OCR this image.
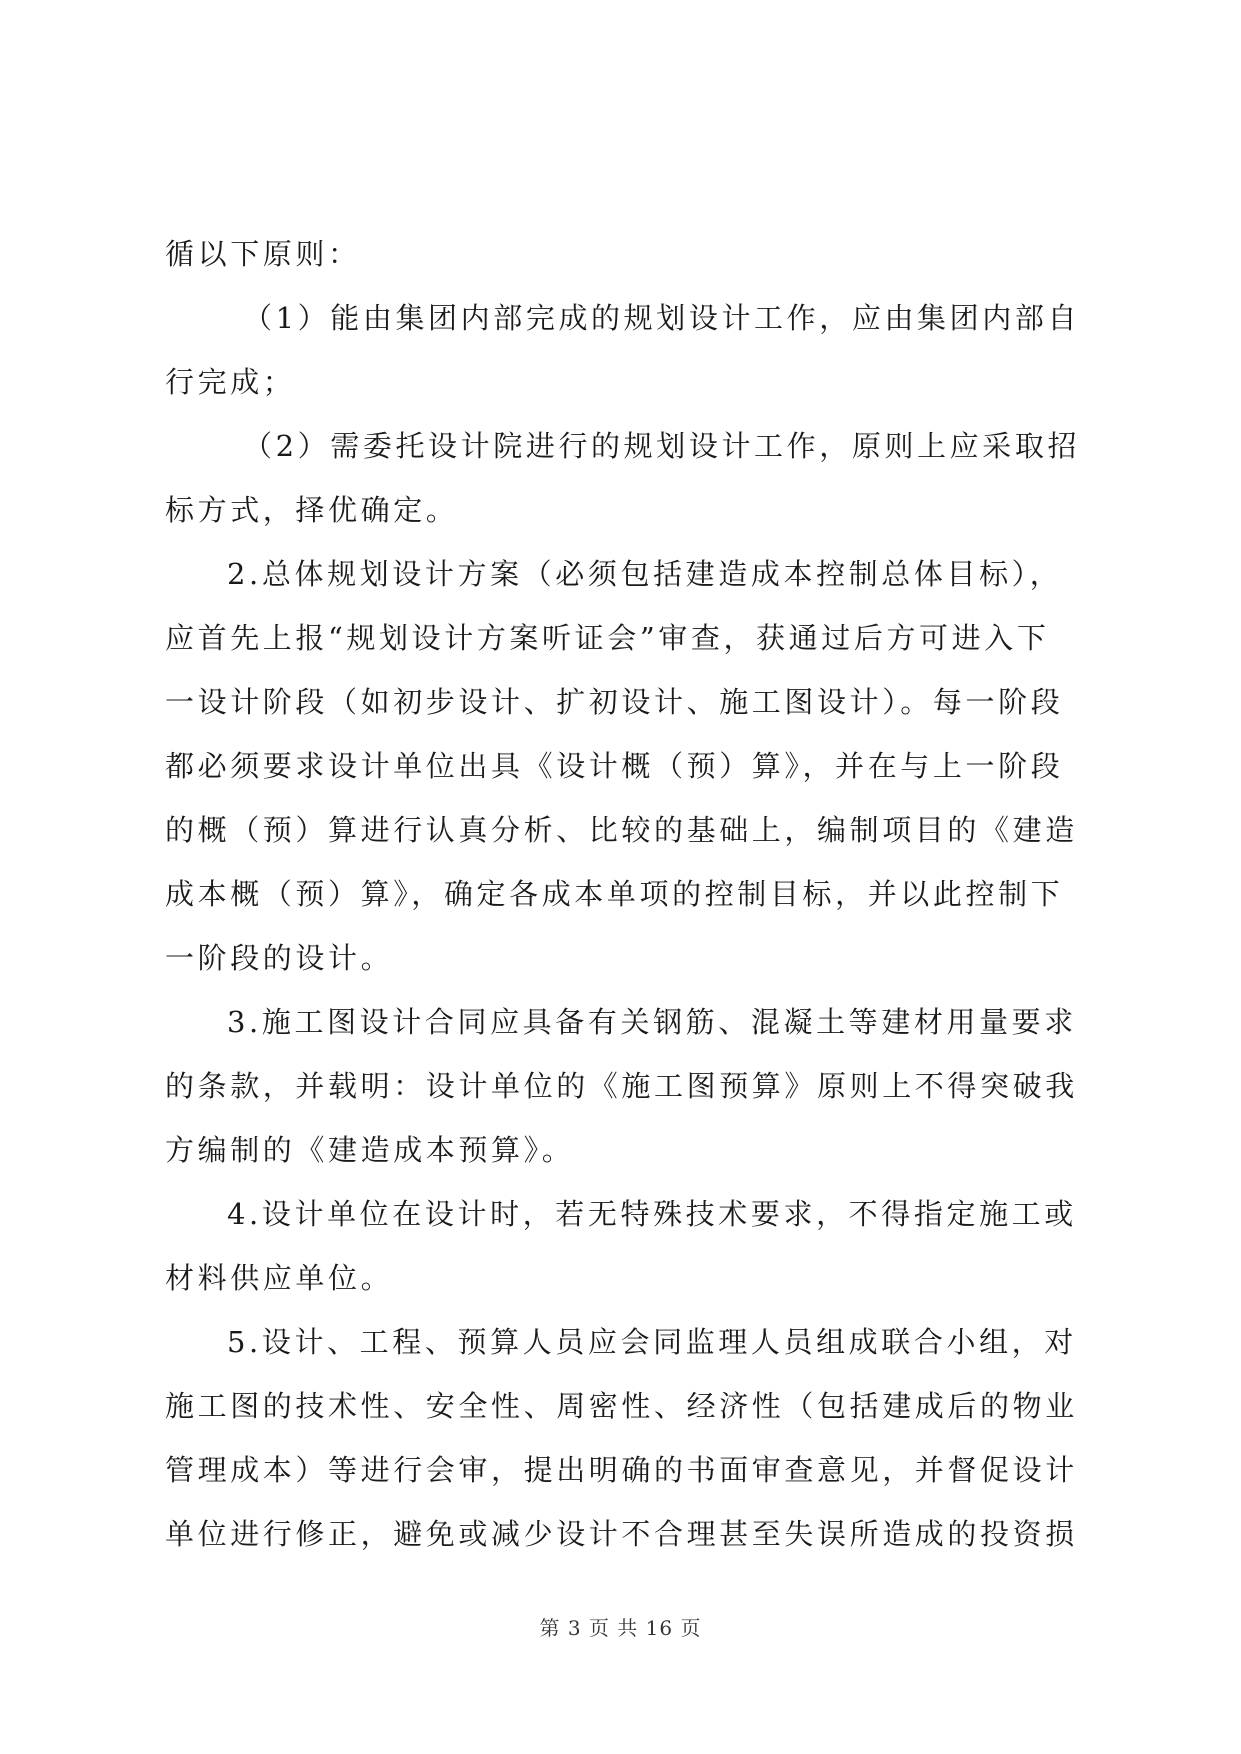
循以下原则：
（1）能由集团内部完成的规划设计工作，应由集团内部自
行完成；
（2）需委托设计院进行的规划设计工作，原则上应采取招
标方式，择优确定。
2.总体规划设计方案（必须包括建造成本控制总体目标），
应首先上报“规划设计方案听证会”审查，获通过后方可进入下
一设计阶段（如初步设计、扩初设计、施工图设计）。每一阶段
都必须要求设计单位出具《设计概（预）算》，并在与上一阶段
的概（预）算进行认真分析、比较的基础上，编制项目的《建造
成本概（预）算》，确定各成本单项的控制目标，并以此控制下
一阶段的设计。
3.施工图设计合同应具备有关钢筋、混凝土等建材用量要求
的条款，并载明：设计单位的《施工图预算》原则上不得突破我
方编制的《建造成本预算》。
4.设计单位在设计时，若无特殊技术要求，不得指定施工或
材料供应单位。
5.设计、工程、预算人员应会同监理人员组成联合小组，对
施工图的技术性、安全性、周密性、经济性（包括建成后的物业
管理成本）等进行会审，提出明确的书面审查意见，并督促设计
单位进行修正，避免或减少设计不合理甚至失误所造成的投资损
第 3 页 共 16 页
